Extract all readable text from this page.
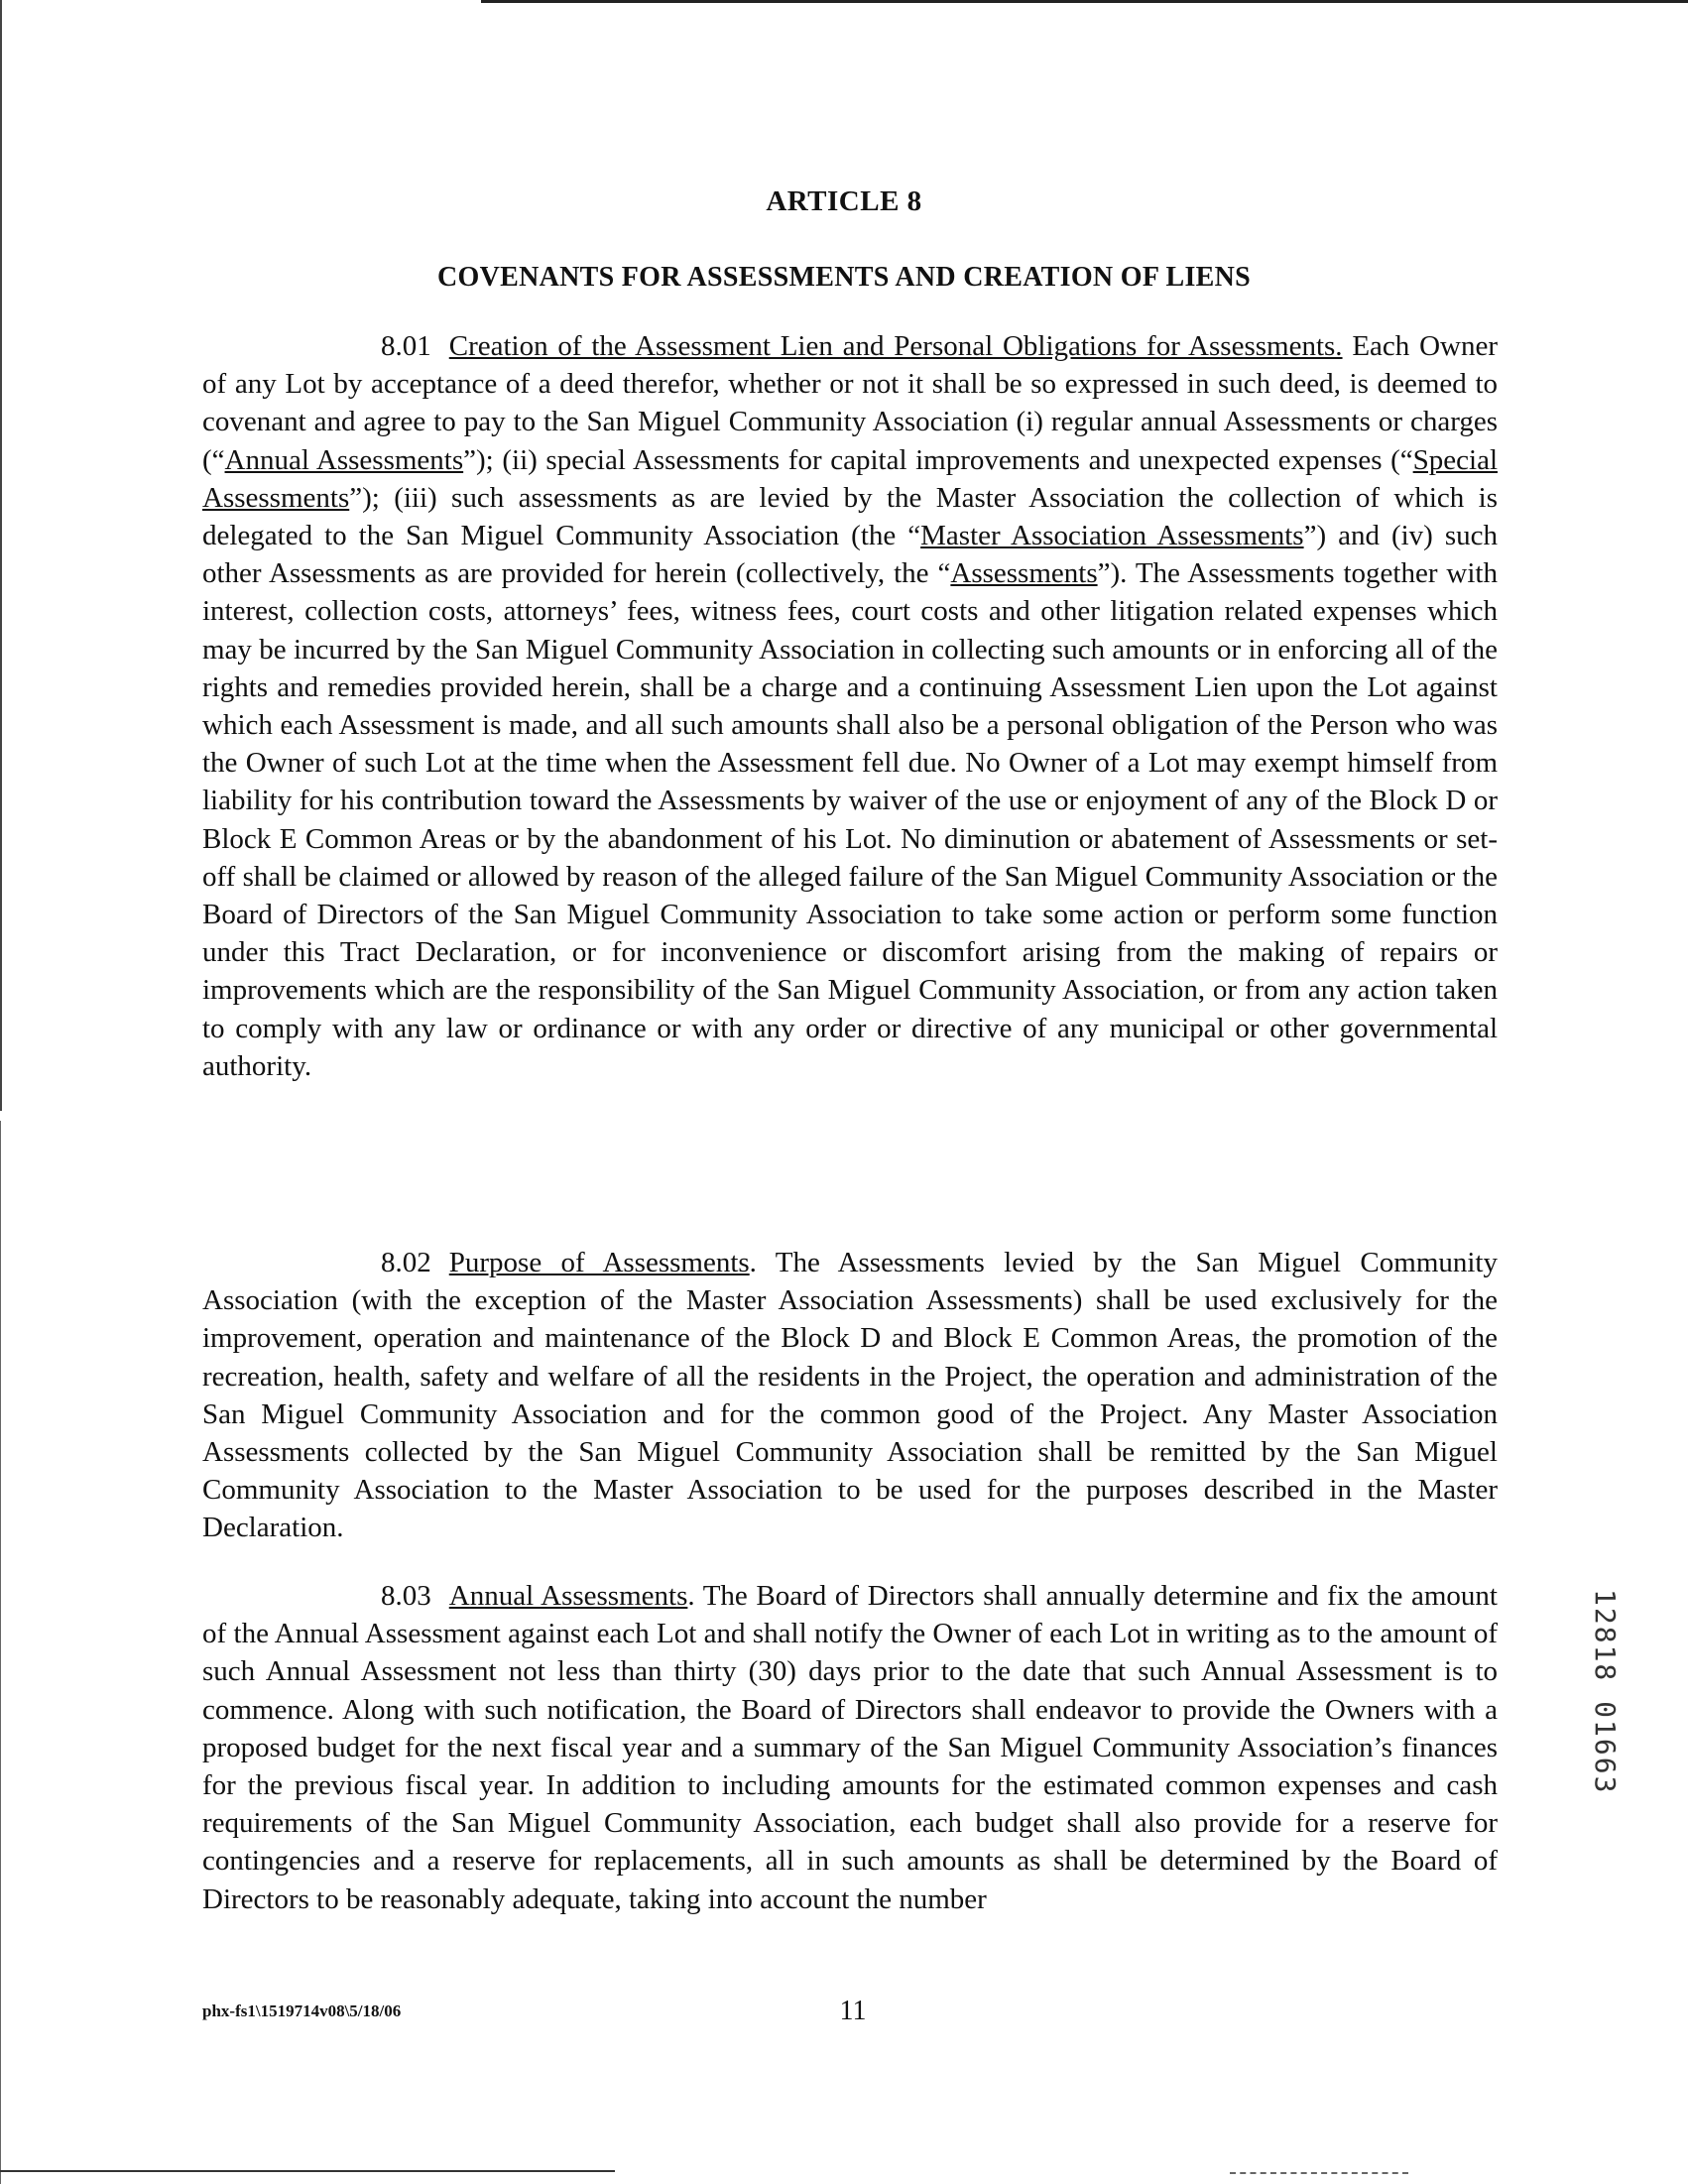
ARTICLE 8
COVENANTS FOR ASSESSMENTS AND CREATION OF LIENS

8.01 Creation of the Assessment Lien and Personal Obligations for Assessments. Each Owner of any Lot by acceptance of a deed therefor, whether or not it shall be so expressed in such deed, is deemed to covenant and agree to pay to the San Miguel Community Association (i) regular annual Assessments or charges (“Annual Assessments”); (ii) special Assessments for capital improvements and unexpected expenses (“Special Assessments”); (iii) such assessments as are levied by the Master Association the collection of which is delegated to the San Miguel Community Association (the “Master Association Assessments”) and (iv) such other Assessments as are provided for herein (collectively, the “Assessments”). The Assessments together with interest, collection costs, attorneys’ fees, witness fees, court costs and other litigation related expenses which may be incurred by the San Miguel Community Association in collecting such amounts or in enforcing all of the rights and remedies provided herein, shall be a charge and a continuing Assessment Lien upon the Lot against which each Assessment is made, and all such amounts shall also be a personal obligation of the Person who was the Owner of such Lot at the time when the Assessment fell due. No Owner of a Lot may exempt himself from liability for his contribution toward the Assessments by waiver of the use or enjoyment of any of the Block D or Block E Common Areas or by the abandonment of his Lot. No diminution or abatement of Assessments or set-off shall be claimed or allowed by reason of the alleged failure of the San Miguel Community Association or the Board of Directors of the San Miguel Community Association to take some action or perform some function under this Tract Declaration, or for inconvenience or discomfort arising from the making of repairs or improvements which are the responsibility of the San Miguel Community Association, or from any action taken to comply with any law or ordinance or with any order or directive of any municipal or other governmental authority.

8.02 Purpose of Assessments. The Assessments levied by the San Miguel Community Association (with the exception of the Master Association Assessments) shall be used exclusively for the improvement, operation and maintenance of the Block D and Block E Common Areas, the promotion of the recreation, health, safety and welfare of all the residents in the Project, the operation and administration of the San Miguel Community Association and for the common good of the Project. Any Master Association Assessments collected by the San Miguel Community Association shall be remitted by the San Miguel Community Association to the Master Association to be used for the purposes described in the Master Declaration.

8.03 Annual Assessments. The Board of Directors shall annually determine and fix the amount of the Annual Assessment against each Lot and shall notify the Owner of each Lot in writing as to the amount of such Annual Assessment not less than thirty (30) days prior to the date that such Annual Assessment is to commence. Along with such notification, the Board of Directors shall endeavor to provide the Owners with a proposed budget for the next fiscal year and a summary of the San Miguel Community Association’s finances for the previous fiscal year. In addition to including amounts for the estimated common expenses and cash requirements of the San Miguel Community Association, each budget shall also provide for a reserve for contingencies and a reserve for replacements, all in such amounts as shall be determined by the Board of Directors to be reasonably adequate, taking into account the number

phx-fs1\1519714v08\5/18/06	11
12818 01663
